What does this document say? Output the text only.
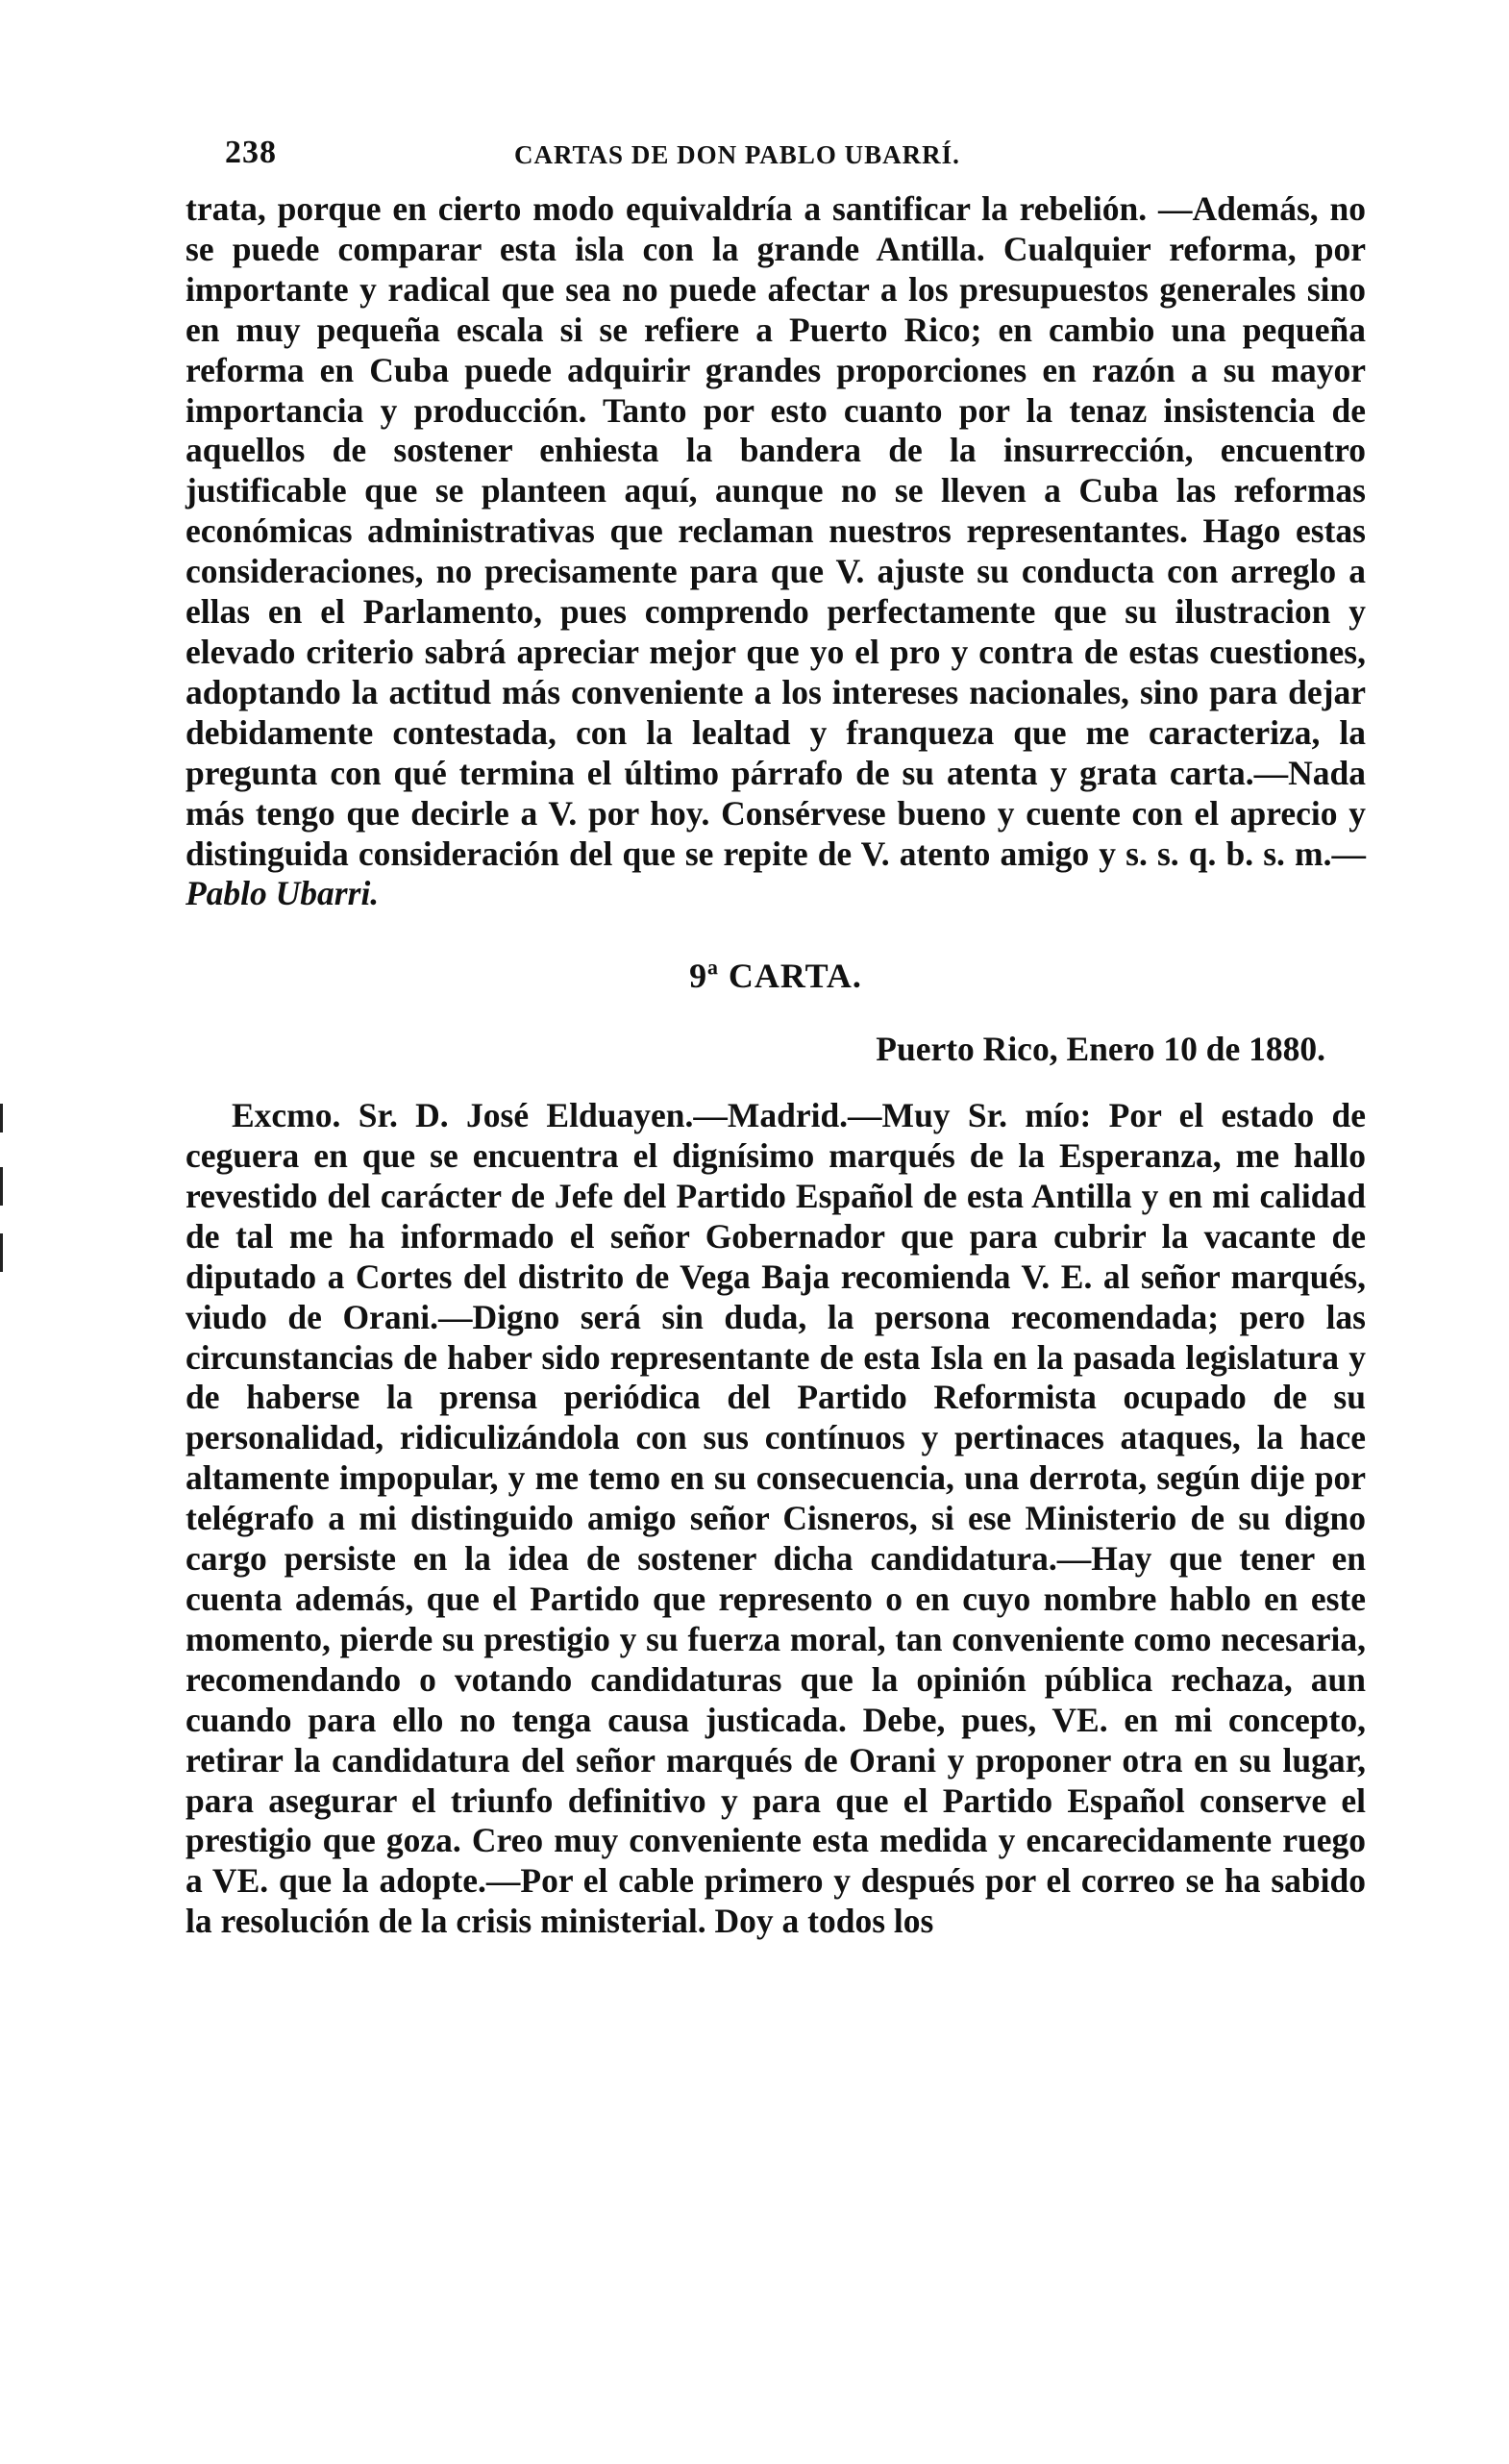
238	CARTAS DE DON PABLO UBARRÍ.

trata, porque en cierto modo equivaldría a santificar la rebelión. —Además, no se puede comparar esta isla con la grande Antilla. Cualquier reforma, por importante y radical que sea no puede afectar a los presupuestos generales sino en muy pequeña escala si se refiere a Puerto Rico; en cambio una pequeña reforma en Cuba puede adquirir grandes proporciones en razón a su mayor importancia y producción. Tanto por esto cuanto por la tenaz insistencia de aquellos de sostener enhiesta la bandera de la insurrección, encuentro justificable que se planteen aquí, aunque no se lleven a Cuba las reformas económicas administrativas que reclaman nuestros representantes. Hago estas consideraciones, no precisamente para que V. ajuste su conducta con arreglo a ellas en el Parlamento, pues comprendo perfectamente que su ilustracion y elevado criterio sabrá apreciar mejor que yo el pro y contra de estas cuestiones, adoptando la actitud más conveniente a los intereses nacionales, sino para dejar debidamente contestada, con la lealtad y franqueza que me caracteriza, la pregunta con qué termina el último párrafo de su atenta y grata carta.—Nada más tengo que decirle a V. por hoy. Consérvese bueno y cuente con el aprecio y distinguida consideración del que se repite de V. atento amigo y s. s. q. b. s. m.—Pablo Ubarri.

9ª CARTA.

Puerto Rico, Enero 10 de 1880.

Excmo. Sr. D. José Elduayen.—Madrid.—Muy Sr. mío: Por el estado de ceguera en que se encuentra el dignísimo marqués de la Esperanza, me hallo revestido del carácter de Jefe del Partido Español de esta Antilla y en mi calidad de tal me ha informado el señor Gobernador que para cubrir la vacante de diputado a Cortes del distrito de Vega Baja recomienda V. E. al señor marqués, viudo de Orani.—Digno será sin duda, la persona recomendada; pero las circunstancias de haber sido representante de esta Isla en la pasada legislatura y de haberse la prensa periódica del Partido Reformista ocupado de su personalidad, ridiculizándola con sus contínuos y pertinaces ataques, la hace altamente impopular, y me temo en su consecuencia, una derrota, según dije por telégrafo a mi distinguido amigo señor Cisneros, si ese Ministerio de su digno cargo persiste en la idea de sostener dicha candidatura.—Hay que tener en cuenta además, que el Partido que represento o en cuyo nombre hablo en este momento, pierde su prestigio y su fuerza moral, tan conveniente como necesaria, recomendando o votando candidaturas que la opinión pública rechaza, aun cuando para ello no tenga causa justicada. Debe, pues, VE. en mi concepto, retirar la candidatura del señor marqués de Orani y proponer otra en su lugar, para asegurar el triunfo definitivo y para que el Partido Español conserve el prestigio que goza. Creo muy conveniente esta medida y encarecidamente ruego a VE. que la adopte.—Por el cable primero y después por el correo se ha sabido la resolución de la crisis ministerial. Doy a todos los
